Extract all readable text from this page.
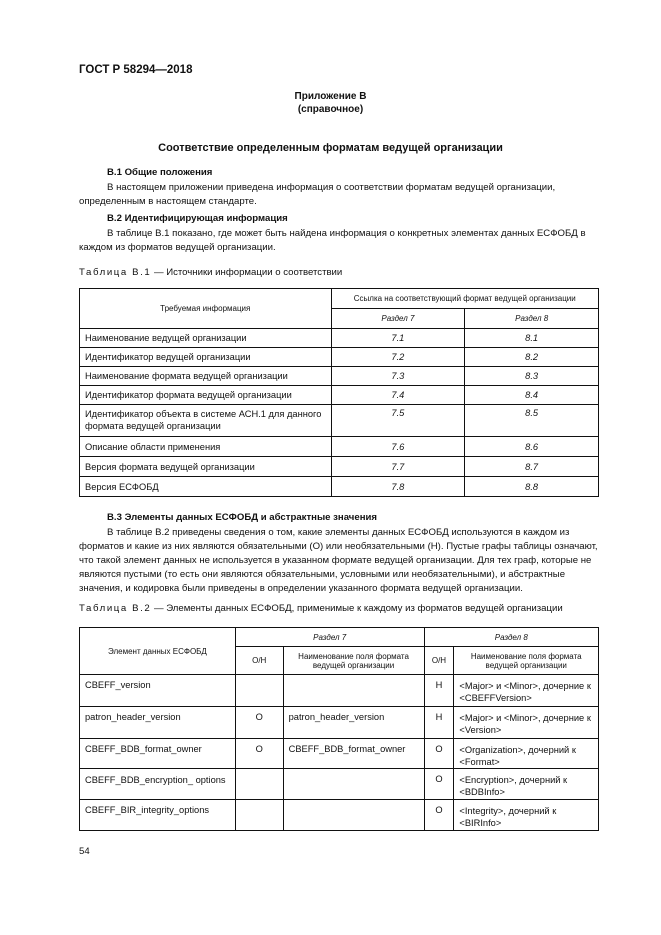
ГОСТ Р 58294—2018
Приложение В
(справочное)
Соответствие определенным форматам ведущей организации
В.1 Общие положения
В настоящем приложении приведена информация о соответствии форматам ведущей организации, определенным в настоящем стандарте.
В.2 Идентифицирующая информация
В таблице В.1 показано, где может быть найдена информация о конкретных элементах данных ЕСФОБД в каждом из форматов ведущей организации.
Таблица В.1 — Источники информации о соответствии
Требуемая информация	Ссылка на соответствующий формат ведущей организации	
	Раздел 7	Раздел 8
Наименование ведущей организации	7.1	8.1
Идентификатор ведущей организации	7.2	8.2
Наименование формата ведущей организации	7.3	8.3
Идентификатор формата ведущей организации	7.4	8.4
Идентификатор объекта в системе АСН.1 для данного формата ведущей организации	7.5	8.5
Описание области применения	7.6	8.6
Версия формата ведущей организации	7.7	8.7
Версия ЕСФОБД	7.8	8.8
В.3 Элементы данных ЕСФОБД и абстрактные значения
В таблице В.2 приведены сведения о том, какие элементы данных ЕСФОБД используются в каждом из форматов и какие из них являются обязательными (О) или необязательными (Н). Пустые графы таблицы означают, что такой элемент данных не используется в указанном формате ведущей организации. Для тех граф, которые не являются пустыми (то есть они являются обязательными, условными или необязательными), и абстрактные значения, и кодировка были приведены в определении указанного формата ведущей организации.
Таблица В.2 — Элементы данных ЕСФОБД, применимые к каждому из форматов ведущей организации
Элемент данных ЕСФОБД	Раздел 7		Раздел 8	
	О/Н	Наименование поля формата ведущей организации	О/Н	Наименование поля формата ведущей организации
CBEFF_version			Н	<Major> и <Minor>, дочерние к <CBEFFVersion>
patron_header_version	О	patron_header_version	Н	<Major> и <Minor>, дочерние к <Version>
CBEFF_BDB_format_owner	О	CBEFF_BDB_format_owner	О	<Organization>, дочерний к <Format>
CBEFF_BDB_encryption_ options			О	<Encryption>, дочерний к <BDBInfo>
CBEFF_BIR_integrity_options			О	<Integrity>, дочерний к <BIRInfo>
54
